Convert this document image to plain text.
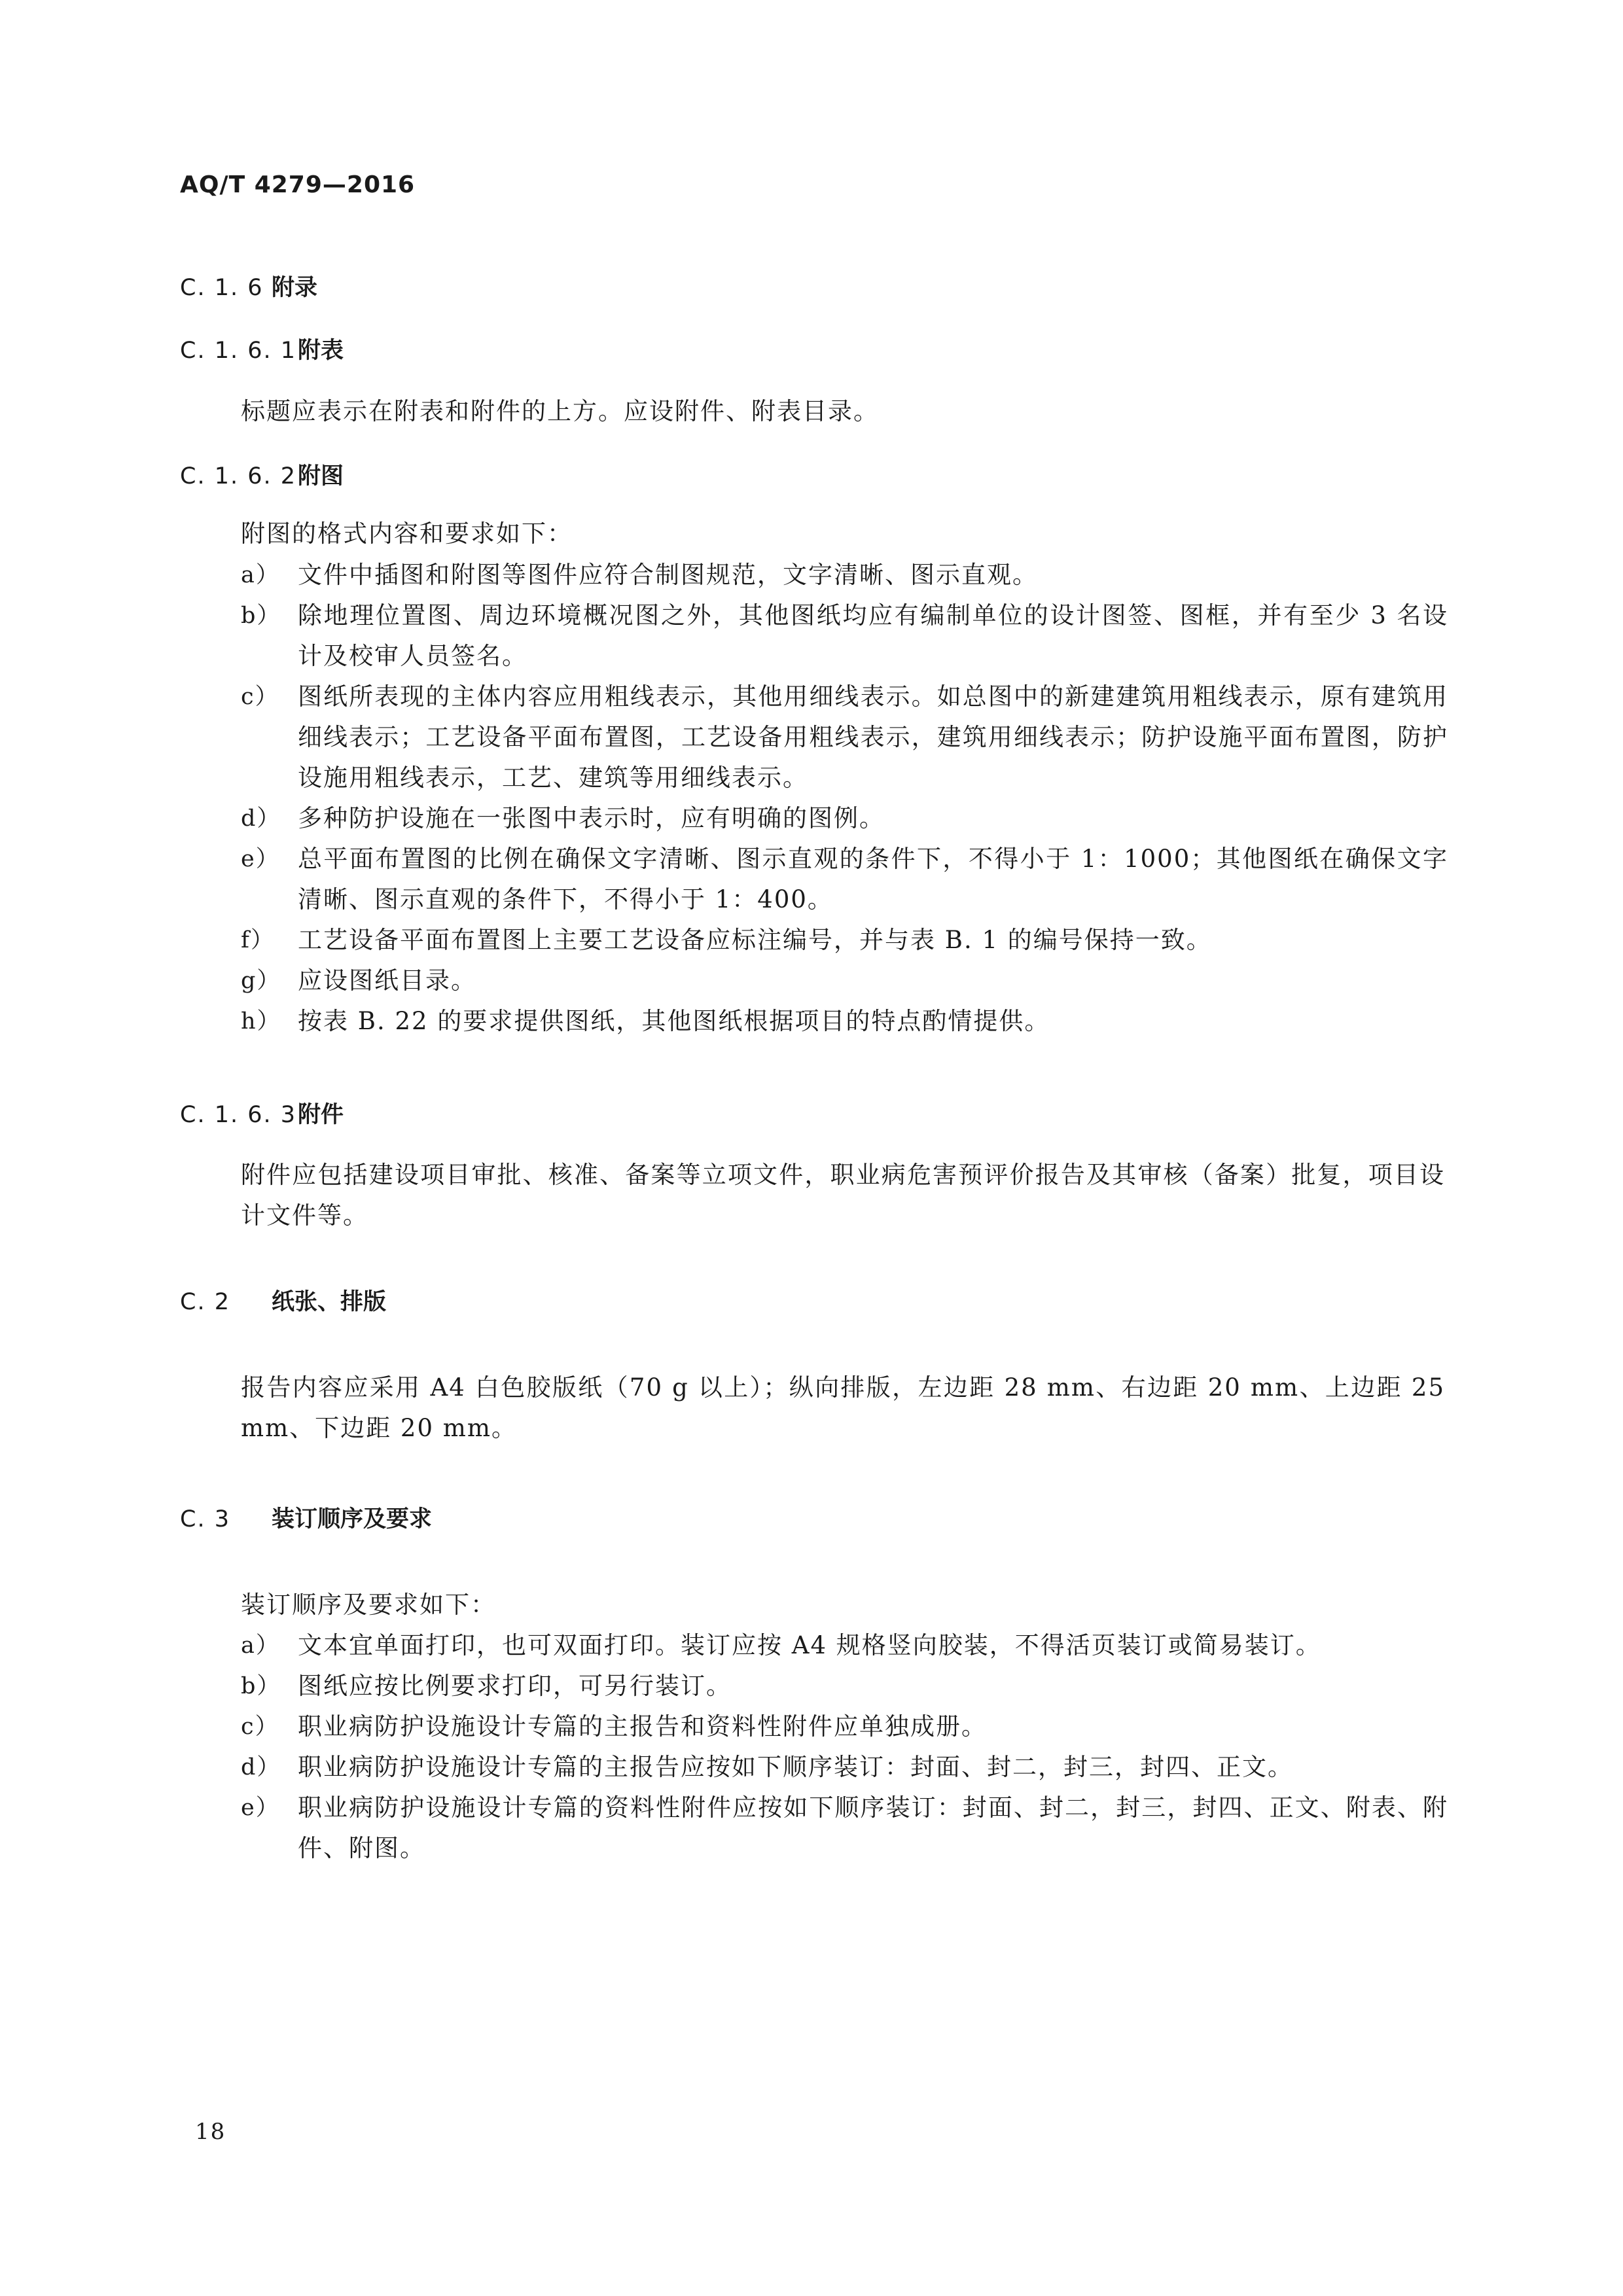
AQ/T 4279—2016
C. 1. 6 附录
C. 1. 6. 1附表
标题应表示在附表和附件的上方。应设附件、附表目录。
C. 1. 6. 2附图
附图的格式内容和要求如下：
a） 文件中插图和附图等图件应符合制图规范，文字清晰、图示直观。
b） 除地理位置图、周边环境概况图之外，其他图纸均应有编制单位的设计图签、图框，并有至少 3 名设计及校审人员签名。
c） 图纸所表现的主体内容应用粗线表示，其他用细线表示。如总图中的新建建筑用粗线表示，原有建筑用细线表示；工艺设备平面布置图，工艺设备用粗线表示，建筑用细线表示；防护设施平面布置图，防护设施用粗线表示，工艺、建筑等用细线表示。
d） 多种防护设施在一张图中表示时，应有明确的图例。
e） 总平面布置图的比例在确保文字清晰、图示直观的条件下，不得小于 1：1000；其他图纸在确保文字清晰、图示直观的条件下，不得小于 1：400。
f） 工艺设备平面布置图上主要工艺设备应标注编号，并与表 B. 1 的编号保持一致。
g） 应设图纸目录。
h） 按表 B. 22 的要求提供图纸，其他图纸根据项目的特点酌情提供。
C. 1. 6. 3附件
附件应包括建设项目审批、核准、备案等立项文件，职业病危害预评价报告及其审核（备案）批复，项目设计文件等。
C. 2 纸张、排版
报告内容应采用 A4 白色胶版纸（70 g 以上）；纵向排版，左边距 28 mm、右边距 20 mm、上边距 25 mm、下边距 20 mm。
C. 3 装订顺序及要求
装订顺序及要求如下：
a） 文本宜单面打印，也可双面打印。装订应按 A4 规格竖向胶装，不得活页装订或简易装订。
b） 图纸应按比例要求打印，可另行装订。
c） 职业病防护设施设计专篇的主报告和资料性附件应单独成册。
d） 职业病防护设施设计专篇的主报告应按如下顺序装订：封面、封二，封三，封四、正文。
e） 职业病防护设施设计专篇的资料性附件应按如下顺序装订：封面、封二，封三，封四、正文、附表、附件、附图。
18
